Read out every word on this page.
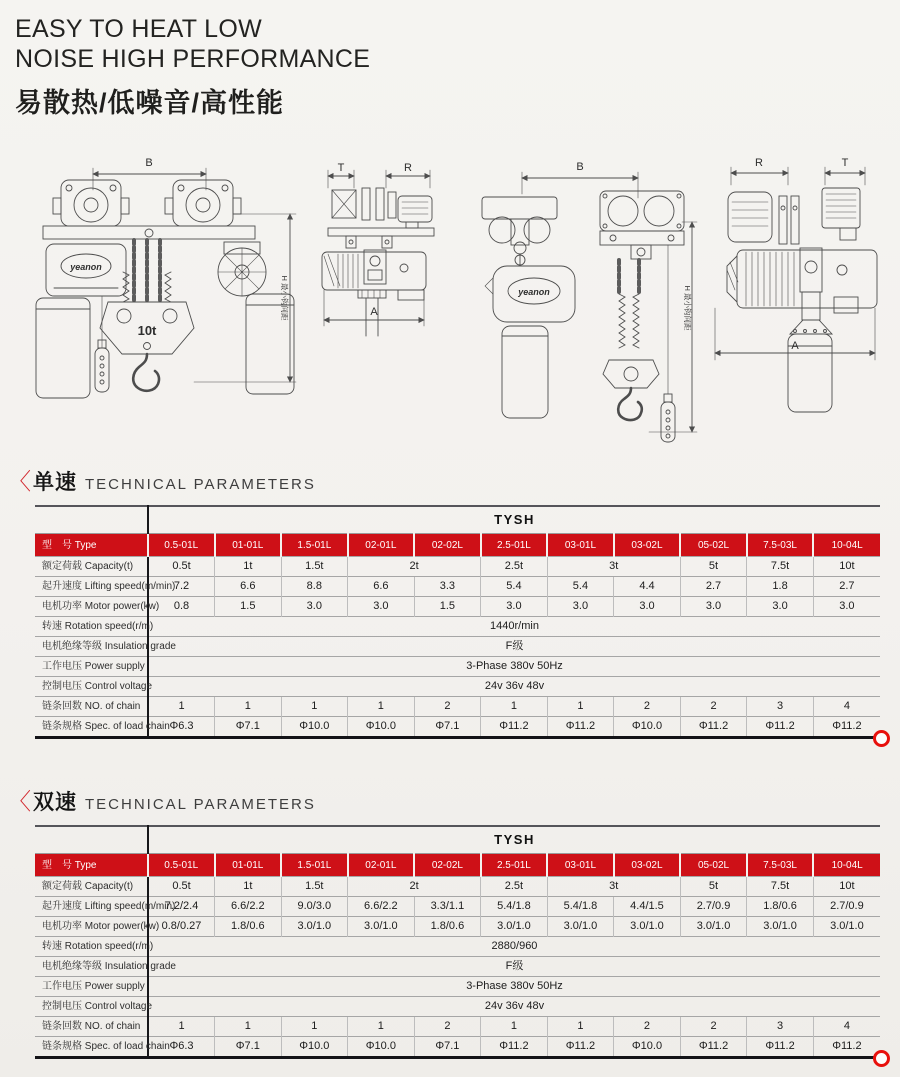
EASY TO HEAT LOW
NOISE HIGH PERFORMANCE
易散热/低噪音/高性能
B
10t
yeanon
H 最小钩间距
T	R
A
B
yeanon	H 最小钩间距
R	T
A
〈 单速 TECHNICAL PARAMETERS
	TYSH										
型　号 Type	0.5-01L	01-01L	1.5-01L	02-01L	02-02L	2.5-01L	03-01L	03-02L	05-02L	7.5-03L	10-04L
额定荷载 Capacity(t)	0.5t	1t	1.5t	2t		2.5t	3t		5t	7.5t	10t
起升速度 Lifting speed(m/min)	7.2	6.6	8.8	6.6	3.3	5.4	5.4	4.4	2.7	1.8	2.7
电机功率 Motor power(kw)	0.8	1.5	3.0	3.0	1.5	3.0	3.0	3.0	3.0	3.0	3.0
转速 Rotation speed(r/m)	1440r/min										
电机绝缘等级 Insulation grade	F级										
工作电压 Power supply	3-Phase 380v 50Hz										
控制电压 Control voltage	24v 36v 48v										
链条回数 NO. of chain	1	1	1	1	2	1	1	2	2	3	4
链条规格 Spec. of load chain	Φ6.3	Φ7.1	Φ10.0	Φ10.0	Φ7.1	Φ11.2	Φ11.2	Φ10.0	Φ11.2	Φ11.2	Φ11.2
〈 双速 TECHNICAL PARAMETERS
	TYSH										
型　号 Type	0.5-01L	01-01L	1.5-01L	02-01L	02-02L	2.5-01L	03-01L	03-02L	05-02L	7.5-03L	10-04L
额定荷载 Capacity(t)	0.5t	1t	1.5t	2t		2.5t	3t		5t	7.5t	10t
起升速度 Lifting speed(m/min)	7.2/2.4	6.6/2.2	9.0/3.0	6.6/2.2	3.3/1.1	5.4/1.8	5.4/1.8	4.4/1.5	2.7/0.9	1.8/0.6	2.7/0.9
电机功率 Motor power(kw)	0.8/0.27	1.8/0.6	3.0/1.0	3.0/1.0	1.8/0.6	3.0/1.0	3.0/1.0	3.0/1.0	3.0/1.0	3.0/1.0	3.0/1.0
转速 Rotation speed(r/m)	2880/960										
电机绝缘等级 Insulation grade	F级										
工作电压 Power supply	3-Phase 380v 50Hz										
控制电压 Control voltage	24v 36v 48v										
链条回数 NO. of chain	1	1	1	1	2	1	1	2	2	3	4
链条规格 Spec. of load chain	Φ6.3	Φ7.1	Φ10.0	Φ10.0	Φ7.1	Φ11.2	Φ11.2	Φ10.0	Φ11.2	Φ11.2	Φ11.2
